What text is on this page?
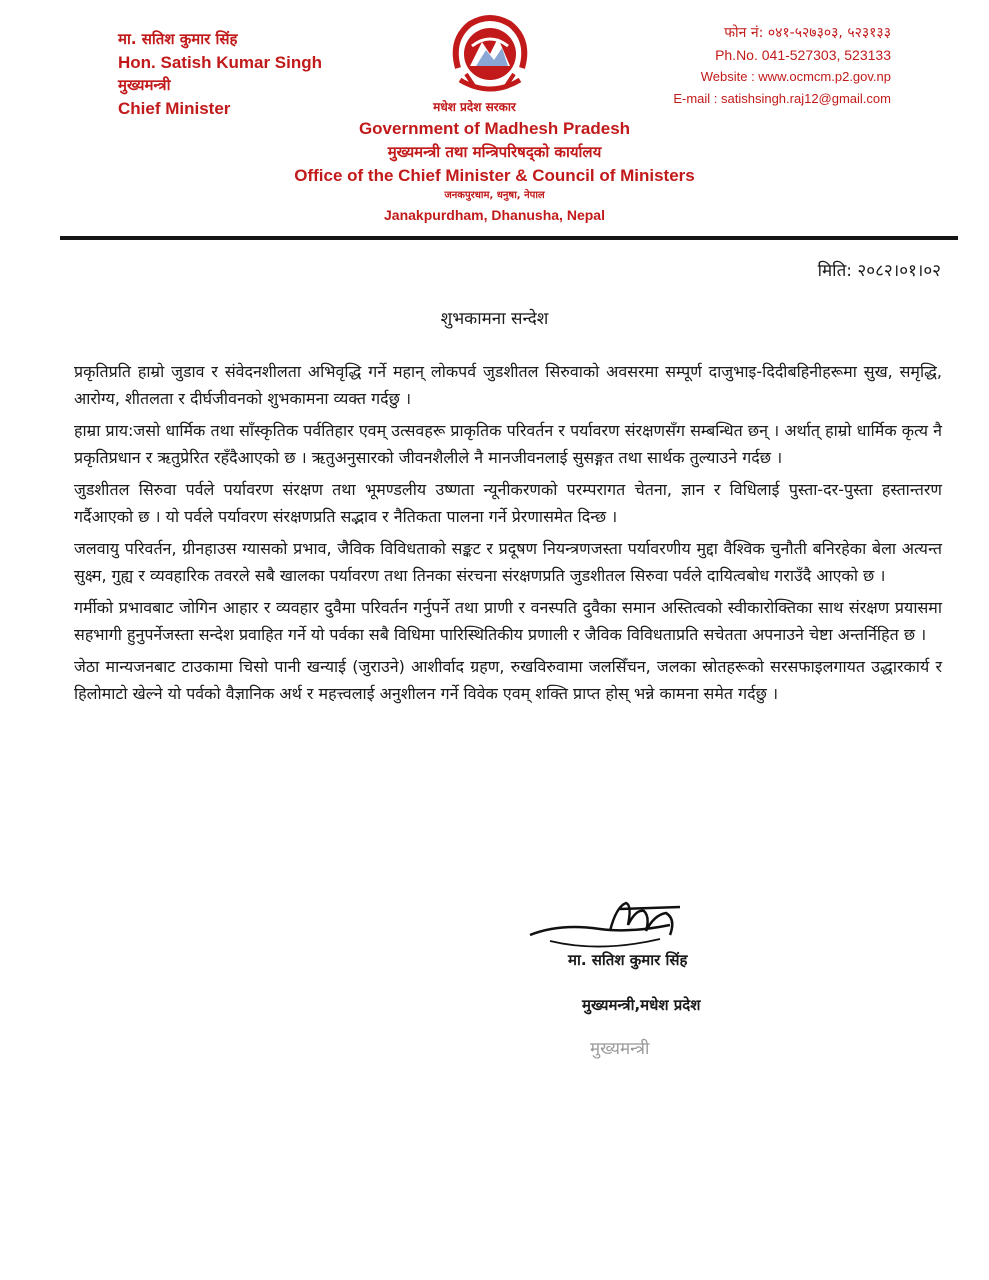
मा. सतिश कुमार सिंह
Hon. Satish Kumar Singh
मुख्यमन्त्री
Chief Minister
फोन नं: ०४१-५२७३०३, ५२३१३३
Ph.No. 041-527303, 523133
Website : www.ocmcm.p2.gov.np
E-mail : satishsingh.raj12@gmail.com
मधेश प्रदेश सरकार
Government of Madhesh Pradesh
मुख्यमन्त्री तथा मन्त्रिपरिषद्को कार्यालय
Office of the Chief Minister & Council of Ministers
जनकपुरधाम, धनुषा, नेपाल
Janakpurdham, Dhanusha, Nepal
मिति: २०८२।०१।०२
शुभकामना सन्देश

प्रकृतिप्रति हाम्रो जुडाव र संवेदनशीलता अभिवृद्धि गर्ने महान् लोकपर्व जुडशीतल सिरुवाको अवसरमा सम्पूर्ण दाजुभाइ-दिदीबहिनीहरूमा सुख, समृद्धि, आरोग्य, शीतलता र दीर्घजीवनको शुभकामना व्यक्त गर्दछु ।

हाम्रा प्राय:जसो धार्मिक तथा साँस्कृतिक पर्वतिहार एवम् उत्सवहरू प्राकृतिक परिवर्तन र पर्यावरण संरक्षणसँग सम्बन्धित छन् । अर्थात् हाम्रो धार्मिक कृत्य नै प्रकृतिप्रधान र ऋतुप्रेरित रहँदैआएको छ । ऋतुअनुसारको जीवनशैलीले नै मानजीवनलाई सुसङ्गत तथा सार्थक तुल्याउने गर्दछ ।

जुडशीतल सिरुवा पर्वले पर्यावरण संरक्षण तथा भूमण्डलीय उष्णता न्यूनीकरणको परम्परागत चेतना, ज्ञान र विधिलाई पुस्ता-दर-पुस्ता हस्तान्तरण गर्दैआएको छ । यो पर्वले पर्यावरण संरक्षणप्रति सद्भाव र नैतिकता पालना गर्ने प्रेरणासमेत दिन्छ ।

जलवायु परिवर्तन, ग्रीनहाउस ग्यासको प्रभाव, जैविक विविधताको सङ्कट र प्रदूषण नियन्त्रणजस्ता पर्यावरणीय मुद्दा वैश्विक चुनौती बनिरहेका बेला अत्यन्त सुक्ष्म, गुह्य र व्यवहारिक तवरले सबै खालका पर्यावरण तथा तिनका संरचना संरक्षणप्रति जुडशीतल सिरुवा पर्वले दायित्वबोध गराउँदै आएको छ ।

गर्मीको प्रभावबाट जोगिन आहार र व्यवहार दुवैमा परिवर्तन गर्नुपर्ने तथा प्राणी र वनस्पति दुवैका समान अस्तित्वको स्वीकारोक्तिका साथ संरक्षण प्रयासमा सहभागी हुनुपर्नेजस्ता सन्देश प्रवाहित गर्ने यो पर्वका सबै विधिमा पारिस्थितिकीय प्रणाली र जैविक विविधताप्रति सचेतता अपनाउने चेष्टा अन्तर्निहित छ ।

जेठा मान्यजनबाट टाउकामा चिसो पानी खन्याई (जुराउने) आशीर्वाद ग्रहण, रुखविरुवामा जलसिँचन, जलका स्रोतहरूको सरसफाइलगायत उद्धारकार्य र हिलोमाटो खेल्ने यो पर्वको वैज्ञानिक अर्थ र महत्त्वलाई अनुशीलन गर्ने विवेक एवम् शक्ति प्राप्त होस् भन्ने कामना समेत गर्दछु ।

मा. सतिश कुमार सिंह
मुख्यमन्त्री,मधेश प्रदेश
मुख्यमन्त्री
